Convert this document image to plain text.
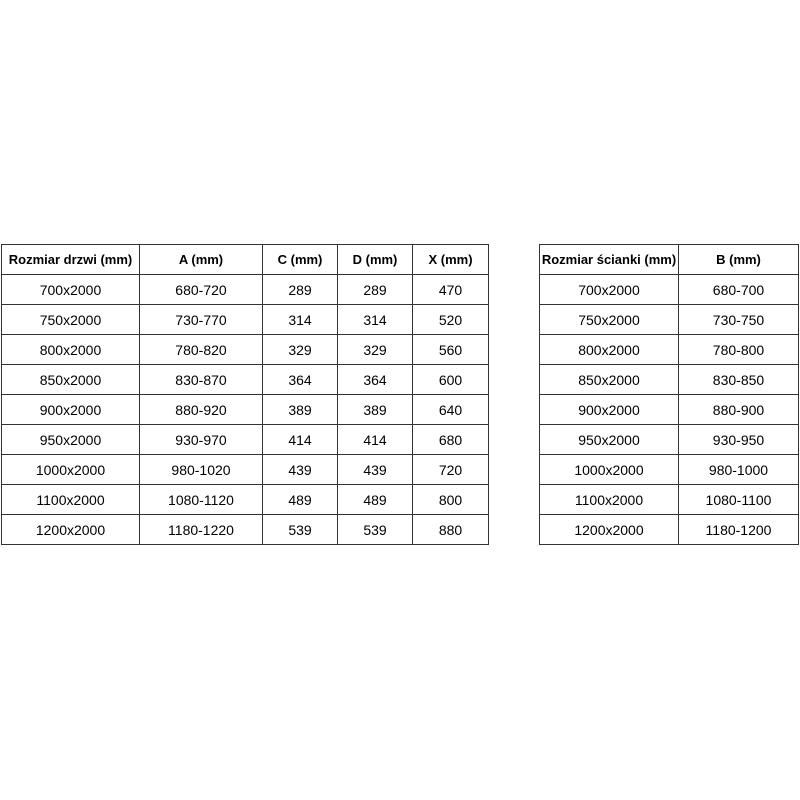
Rozmiar drzwi (mm)	A (mm)	C (mm)	D (mm)	X (mm)
700x2000	680-720	289	289	470
750x2000	730-770	314	314	520
800x2000	780-820	329	329	560
850x2000	830-870	364	364	600
900x2000	880-920	389	389	640
950x2000	930-970	414	414	680
1000x2000	980-1020	439	439	720
1100x2000	1080-1120	489	489	800
1200x2000	1180-1220	539	539	880
Rozmiar ścianki (mm)	B (mm)
700x2000	680-700
750x2000	730-750
800x2000	780-800
850x2000	830-850
900x2000	880-900
950x2000	930-950
1000x2000	980-1000
1100x2000	1080-1100
1200x2000	1180-1200
